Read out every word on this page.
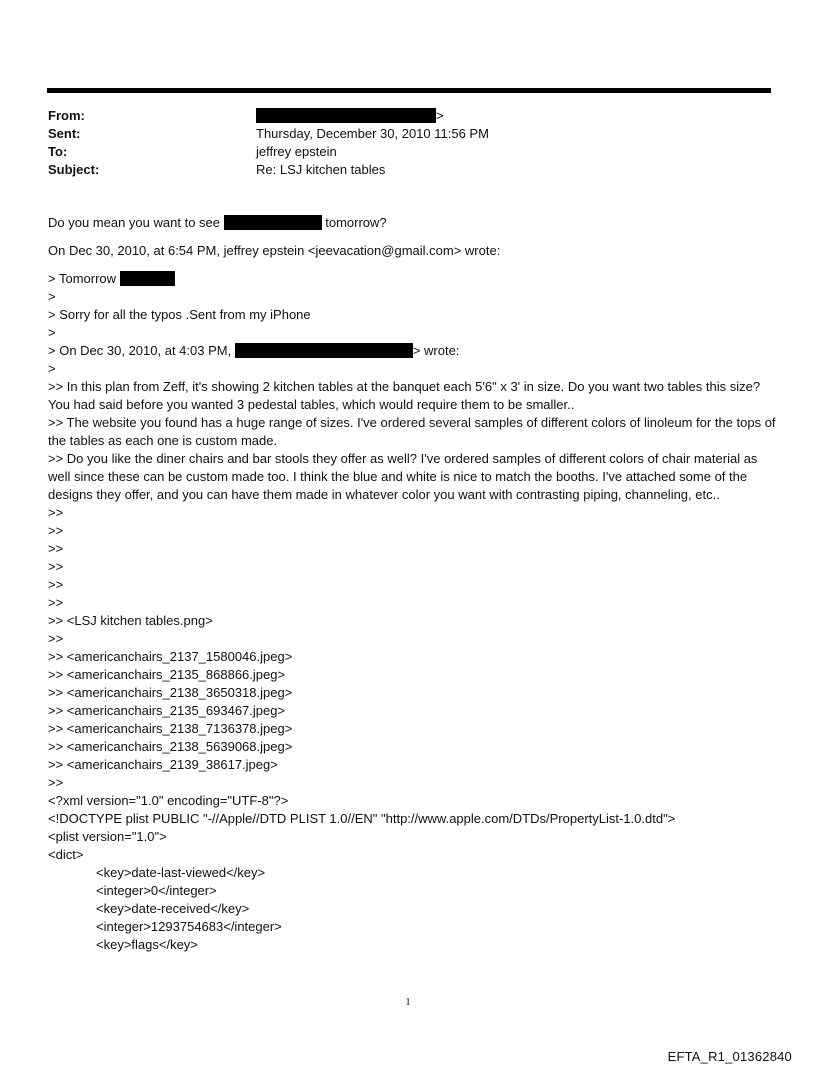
From:	>
Sent:	Thursday, December 30, 2010 11:56 PM
To:	jeffrey epstein
Subject:	Re: LSJ kitchen tables
Do you mean you want to see	tomorrow?
On Dec 30, 2010, at 6:54 PM, jeffrey epstein <jeevacation@gmail.com> wrote:
> Tomorrow
>
> Sorry for all the typos .Sent from my iPhone
>
> On Dec 30, 2010, at 4:03 PM,	> wrote:
>
>> In this plan from Zeff, it's showing 2 kitchen tables at the banquet each 5'6" x 3' in size. Do you want two tables this size? You had said before you wanted 3 pedestal tables, which would require them to be smaller..
>> The website you found has a huge range of sizes. I've ordered several samples of different colors of linoleum for the tops of the tables as each one is custom made.
>> Do you like the diner chairs and bar stools they offer as well? I've ordered samples of different colors of chair material as well since these can be custom made too. I think the blue and white is nice to match the booths. I've attached some of the designs they offer, and you can have them made in whatever color you want with contrasting piping, channeling, etc..
>>
>>
>>
>>
>>
>>
>> <LSJ kitchen tables.png>
>>
>> <americanchairs_2137_1580046.jpeg>
>> <americanchairs_2135_868866.jpeg>
>> <americanchairs_2138_3650318.jpeg>
>> <americanchairs_2135_693467.jpeg>
>> <americanchairs_2138_7136378.jpeg>
>> <americanchairs_2138_5639068.jpeg>
>> <americanchairs_2139_38617.jpeg>
>>
<?xml version="1.0" encoding="UTF-8"?>
<!DOCTYPE plist PUBLIC "-//Apple//DTD PLIST 1.0//EN" "http://www.apple.com/DTDs/PropertyList-1.0.dtd">
<plist version="1.0">
<dict>
<key>date-last-viewed</key>
<integer>0</integer>
<key>date-received</key>
<integer>1293754683</integer>
<key>flags</key>
1
EFTA_R1_01362840
